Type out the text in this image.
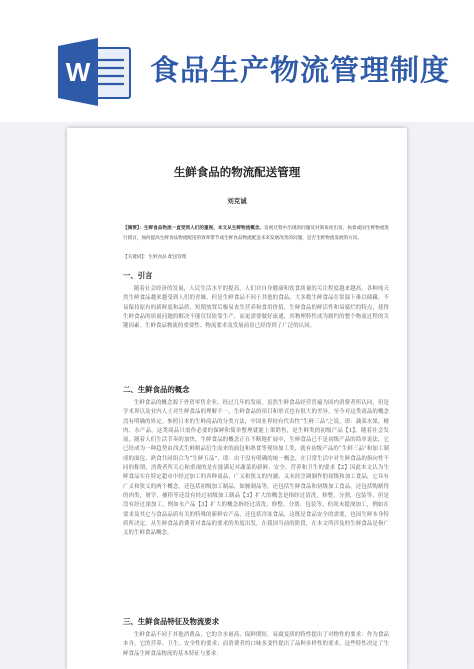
W 食品生产物流管理制度
生鲜食品的物流配送管理
刘克诚
【摘要】：生鲜食品物流一直受到人们的重视，本文从生鲜物流概念、发展过程中出现的问题及对策角度出发，执着或国生鲜物流进行摸讨，加何提高生鲜食品物流配送的效率带节成生鲜食品物流配送未来发展改善的问题，是否生鲜物流发展的方向。
【关键词】：生鲜食品 配送管理
一、引言
随着社会经济的发展，人民生活水平的提高，人们对自身健康和饮食质量的关注程度越来越高，各种纯天然生鲜食品越来越受到人们的青睐。但是生鲜食品不同于其他的食品，大多数生鲜食品在常温下难以储藏，不易保持原有的新鲜度和品质，短期放置后极易丧失营养和食用价值，生鲜食品的鲜活性和易腐烂的特点，使得生鲜食品的质量问题的解决不能仅仅依靠生产，而更需要做好流通，其物理特性成为制约的整个物流过程的关键因素。生鲜食品物流的重要性、物流要求及发展前景已经得到了广泛的认同。
二、生鲜食品的概念
生鲜食品的概念源于外资零售企业，经过几年的发展，虽然生鲜食品经营普遍为国内消费者所认同，但是学术界以及业内人士对生鲜食品的理解不一，生鲜食品的项目和形式也有很大的差异，至今对这类商品的概念没有明确的界定。参照日本的生鲜商品的分类方法，中国业界较有代表性“生鲜三品”之说，即：蔬菜水果，精肉、水产品。这类商品只需作必要的保鲜和简单整理就能上架销售，是生鲜类的初级产品【1】。随着社会发展，随着人们生活节奏的加快，生鲜食品的概念正在不断地扩展中，生鲜食品已不是初级产品的简单说法，它已经成为一种趋势由西式生鲜制品衍生而来的面包和熟食等现场加工类，就有初级产品的“生鲜三品”和加工制成的面包、熟食共同组合为“生鲜五品”，即：由于没有明确的统一概念，在日常生活中对生鲜食品的指向性不同的称谓，消费者所关心和重视的是在能满足对蔬菜的新鲜、安全、营养和卫生的要求【2】因此本文认为生鲜食品实在特定超市中经过加工的各种商品，广义和狭义的内涵，又未经烹调制作的初级和加工食品，它具有广义和狭义的两个概念，还包括初级加工制品，如腌制品等，还包括生鲜食品和初级加工食品，还包括购制得的肉类，屠宰，捕捞等还没有经过初级加工制品【3】扩大的概念是指经过清洗，修整，分割，包装等，但是没有经过深加工，例如水产品【3】扩大的概念指经过清洗、修整、分割、包装等，但尚未提深加工，例如在要求及其它与食品品质有关的特殊的新鲜农产品，还包括冷冻食品，这既是食品安全的需要，也因生鲜本身特质所决定。从生鲜食品消费者对食品的要求的角度出发，在我国当前的阶段，在本文所涉及的生鲜食品是指广义的生鲜食品概念。
三、生鲜食品特征及物流要求
生鲜食品不同于其他消费品，它的含水量高，保鲜期短，易腐变质的特性提出了对物性的要求：作为食品本身，它的营养、卫生，安全性的要求；而消费者的口味多变性提出了品种多样性的要求，这些特性决定了生鲜食品生鲜食品物流的基本特征与要求：
